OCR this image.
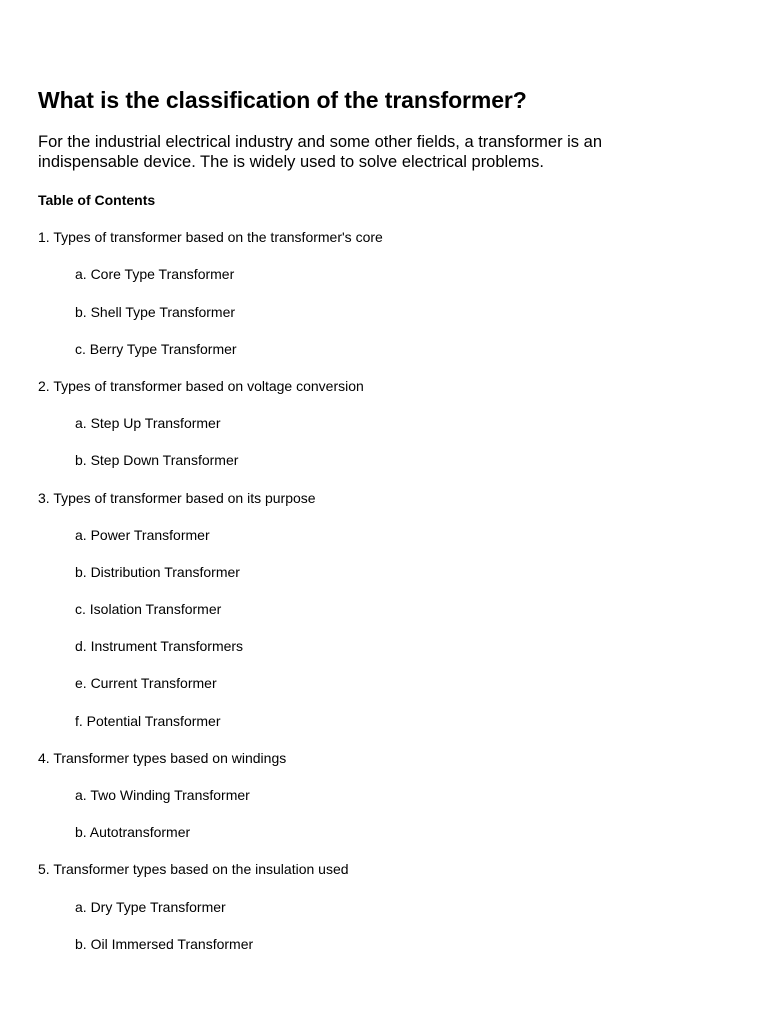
What is the classification of the transformer?

For the industrial electrical industry and some other fields, a transformer is an indispensable device. The is widely used to solve electrical problems.

Table of Contents
1. Types of transformer based on the transformer's core
a. Core Type Transformer
b. Shell Type Transformer
c. Berry Type Transformer
2. Types of transformer based on voltage conversion
a. Step Up Transformer
b. Step Down Transformer
3. Types of transformer based on its purpose
a. Power Transformer
b. Distribution Transformer
c. Isolation Transformer
d. Instrument Transformers
e. Current Transformer
f. Potential Transformer
4. Transformer types based on windings
a. Two Winding Transformer
b. Autotransformer
5. Transformer types based on the insulation used
a. Dry Type Transformer
b. Oil Immersed Transformer
